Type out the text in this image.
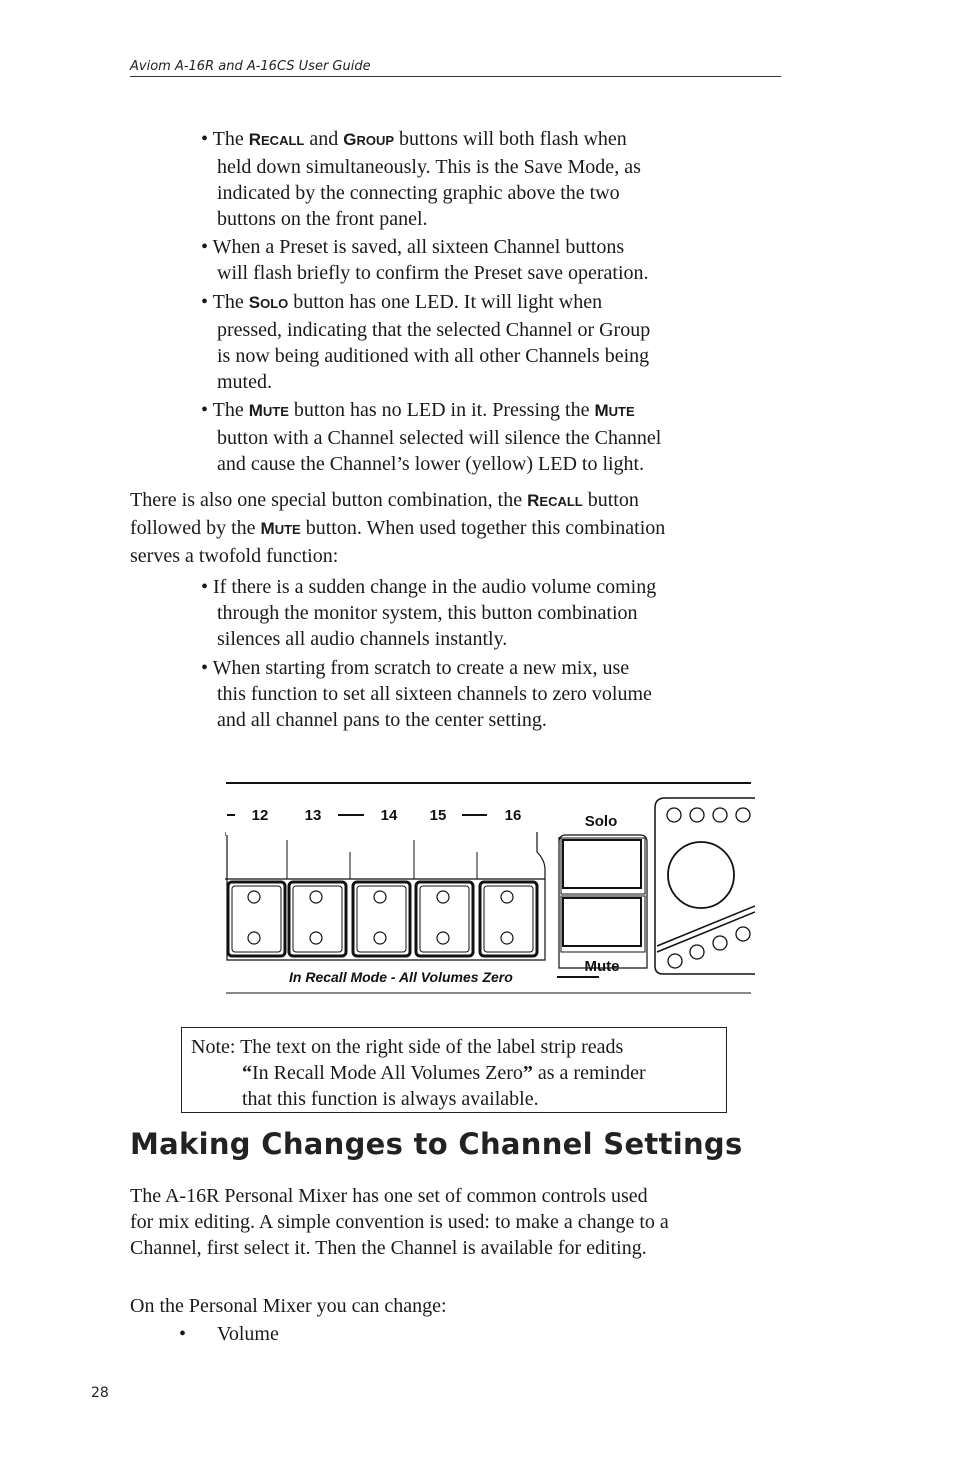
Aviom A-16R and A-16CS User Guide
• The RECALL and GROUP buttons will both flash when
held down simultaneously. This is the Save Mode, as
indicated by the connecting graphic above the two
buttons on the front panel.
• When a Preset is saved, all sixteen Channel buttons
will flash briefly to confirm the Preset save operation.
• The SOLO button has one LED. It will light when
pressed, indicating that the selected Channel or Group
is now being auditioned with all other Channels being
muted.
• The MUTE button has no LED in it. Pressing the MUTE
button with a Channel selected will silence the Channel
and cause the Channel’s lower (yellow) LED to light.
There is also one special button combination, the RECALL button
followed by the MUTE button. When used together this combination
serves a twofold function:
• If there is a sudden change in the audio volume coming
through the monitor system, this button combination
silences all audio channels instantly.
• When starting from scratch to create a new mix, use
this function to set all sixteen channels to zero volume
and all channel pans to the center setting.
12 13	14 15	16
In Recall Mode - All Volumes Zero
Solo
Mute
Note: The text on the right side of the label strip reads
“In Recall Mode All Volumes Zero” as a reminder
that this function is always available.
Making Changes to Channel Settings
The A-16R Personal Mixer has one set of common controls used
for mix editing. A simple convention is used: to make a change to a
Channel, first select it. Then the Channel is available for editing.
On the Personal Mixer you can change:
• Volume
28
